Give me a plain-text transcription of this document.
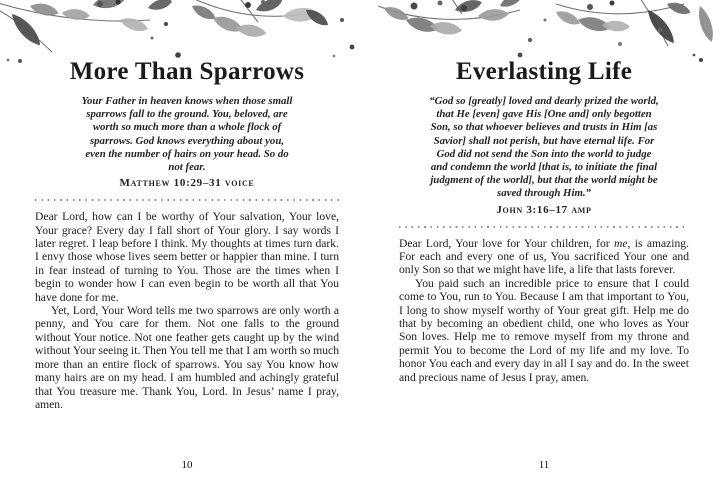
More Than Sparrows
Your Father in heaven knows when those small sparrows fall to the ground. You, beloved, are worth so much more than a whole flock of sparrows. God knows everything about you, even the number of hairs on your head. So do not fear.
Matthew 10:29–31 voice

Dear Lord, how can I be worthy of Your salvation, Your love, Your grace? Every day I fall short of Your glory. I say words I later regret. I leap before I think. My thoughts at times turn dark. I envy those whose lives seem better or happier than mine. I turn in fear instead of turning to You. Those are the times when I begin to wonder how I can even begin to be worth all that You have done for me.

Yet, Lord, Your Word tells me two sparrows are only worth a penny, and You care for them. Not one falls to the ground without Your notice. Not one feather gets caught up by the wind without Your seeing it. Then You tell me that I am worth so much more than an entire flock of sparrows. You say You know how many hairs are on my head. I am humbled and achingly grateful that You treasure me. Thank You, Lord. In Jesus’ name I pray, amen.

Everlasting Life
“God so [greatly] loved and dearly prized the world, that He [even] gave His [One and] only begotten Son, so that whoever believes and trusts in Him [as Savior] shall not perish, but have eternal life. For God did not send the Son into the world to judge and condemn the world [that is, to initiate the final judgment of the world], but that the world might be saved through Him.”
John 3:16–17 amp

Dear Lord, Your love for Your children, for me, is amazing. For each and every one of us, You sacrificed Your one and only Son so that we might have life, a life that lasts forever.

You paid such an incredible price to ensure that I could come to You, run to You. Because I am that important to You, I long to show myself worthy of Your great gift. Help me do that by becoming an obedient child, one who loves as Your Son loves. Help me to remove myself from my throne and permit You to become the Lord of my life and my love. To honor You each and every day in all I say and do. In the sweet and precious name of Jesus I pray, amen.

10	11
